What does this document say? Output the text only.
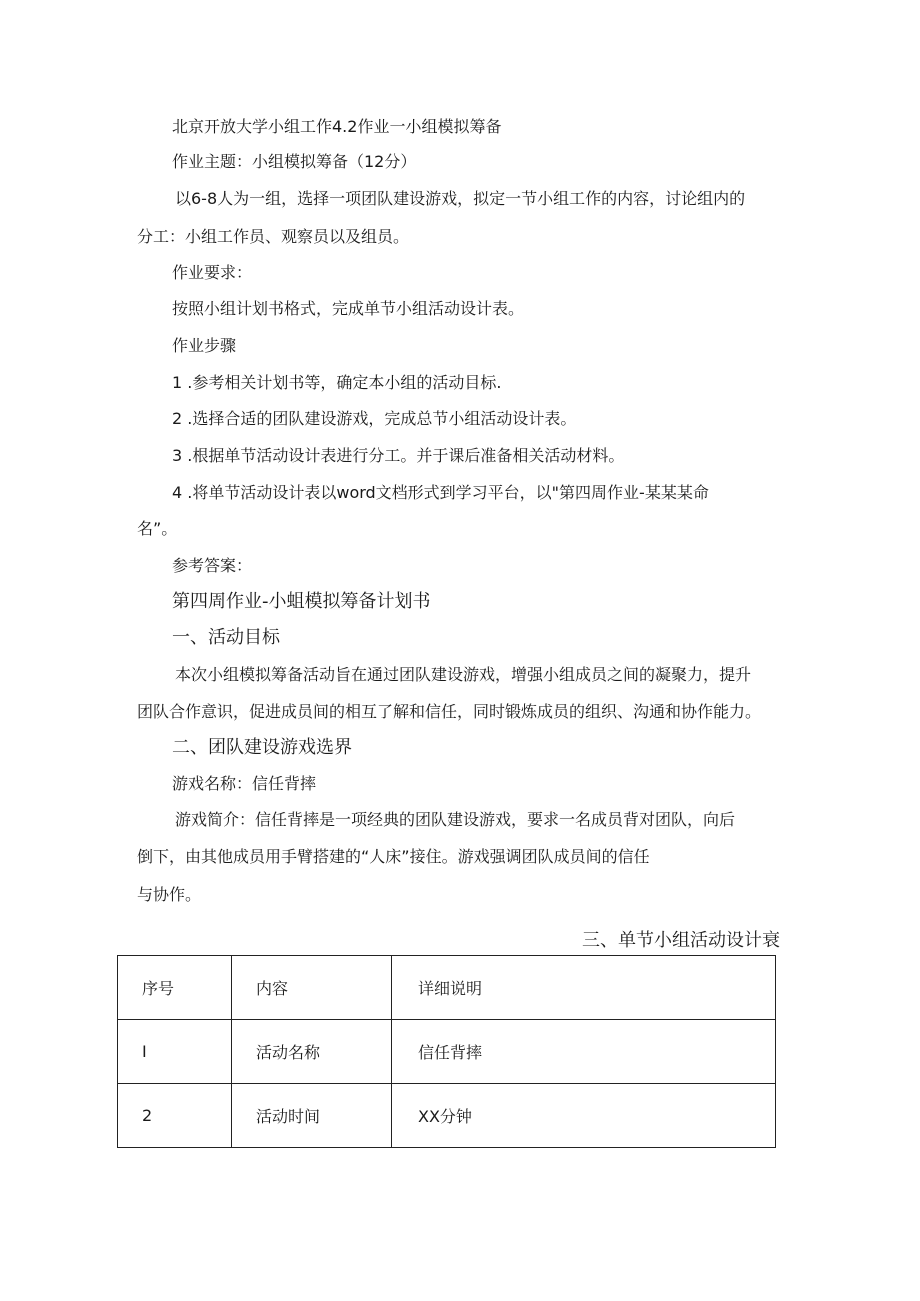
北京开放大学小组工作4.2作业一小组模拟筹备
作业主题：小组模拟筹备（12分）
以6-8人为一组，选择一项团队建设游戏，拟定一节小组工作的内容，讨论组内的
分工：小组工作员、观察员以及组员。
作业要求：
按照小组计划书格式，完成单节小组活动设计表。
作业步骤
1 .参考相关计划书等，确定本小组的活动目标.
2 .选择合适的团队建设游戏，完成总节小组活动设计表。
3 .根据单节活动设计表进行分工。并于课后准备相关活动材料。
4 .将单节活动设计表以word文档形式到学习平台，以"第四周作业-某某某命
名”。
参考答案：
第四周作业-小蛆模拟筹备计划书
一、活动目标
本次小组模拟筹备活动旨在通过团队建设游戏，增强小组成员之间的凝聚力，提升
团队合作意识，促进成员间的相互了解和信任，同时锻炼成员的组织、沟通和协作能力。
二、团队建设游戏选界
游戏名称：信任背摔
游戏简介：信任背摔是一项经典的团队建设游戏，要求一名成员背对团队，向后
倒下，由其他成员用手臂搭建的“人床”接住。游戏强调团队成员间的信任
与协作。
三、单节小组活动设计衰
序号	内容	详细说明
I	活动名称	信任背摔
2	活动时间	XX分钟
